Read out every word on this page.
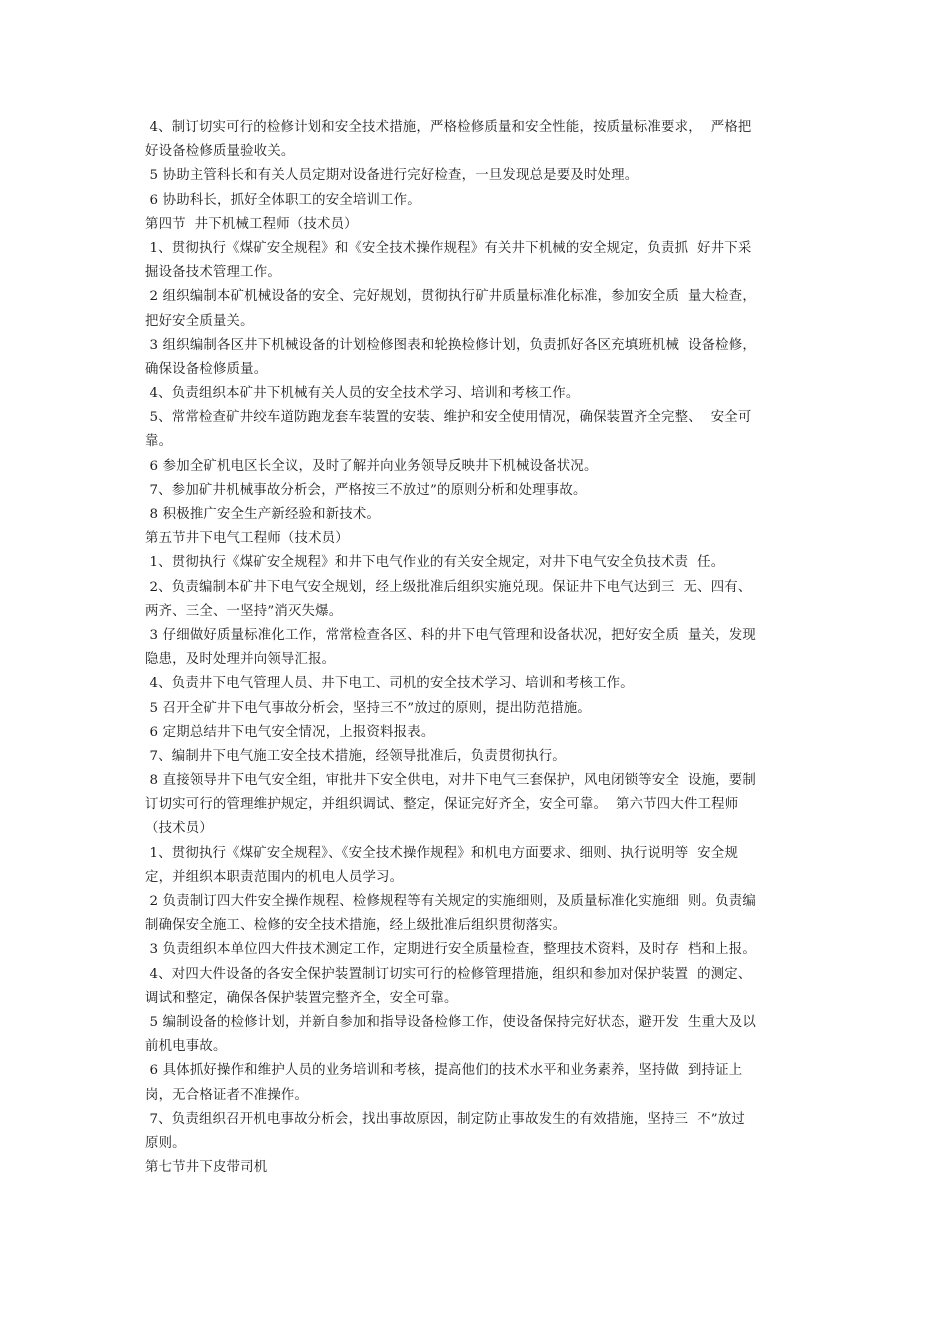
4、制订切实可行的检修计划和安全技术措施，严格检修质量和安全性能，按质量标准要求，  严格把
好设备检修质量验收关。
5 协助主管科长和有关人员定期对设备进行完好检查，一旦发现总是要及时处理。
6 协助科长，抓好全体职工的安全培训工作。
第四节  井下机械工程师（技术员）
1、贯彻执行《煤矿安全规程》和《安全技术操作规程》有关井下机械的安全规定，负责抓  好井下采
掘设备技术管理工作。
2 组织编制本矿机械设备的安全、完好规划，贯彻执行矿井质量标准化标准，参加安全质  量大检查，
把好安全质量关。
3 组织编制各区井下机械设备的计划检修图表和轮换检修计划，负责抓好各区充填班机械  设备检修，
确保设备检修质量。
4、负责组织本矿井下机械有关人员的安全技术学习、培训和考核工作。
5、常常检查矿井绞车道防跑龙套车装置的安装、维护和安全使用情况，确保装置齐全完整、  安全可
靠。
6 参加全矿机电区长全议，及时了解并向业务领导反映井下机械设备状况。
7、参加矿井机械事故分析会，严格按三不放过”的原则分析和处理事故。
8 积极推广安全生产新经验和新技术。
第五节井下电气工程师（技术员）
1、贯彻执行《煤矿安全规程》和井下电气作业的有关安全规定，对井下电气安全负技术责  任。
2、负责编制本矿井下电气安全规划，经上级批准后组织实施兑现。保证井下电气达到三  无、四有、
两齐、三全、一坚持”消灭失爆。
3 仔细做好质量标准化工作，常常检查各区、科的井下电气管理和设备状况，把好安全质  量关，发现
隐患，及时处理并向领导汇报。
4、负责井下电气管理人员、井下电工、司机的安全技术学习、培训和考核工作。
5 召开全矿井下电气事故分析会，坚持三不”放过的原则，提出防范措施。
6 定期总结井下电气安全情况，上报资料报表。
7、编制井下电气施工安全技术措施，经领导批准后，负责贯彻执行。
8 直接领导井下电气安全组，审批井下安全供电，对井下电气三套保护，风电闭锁等安全  设施，要制
订切实可行的管理维护规定，并组织调试、整定，保证完好齐全，安全可靠。  第六节四大件工程师
（技术员）
1、贯彻执行《煤矿安全规程》、《安全技术操作规程》和机电方面要求、细则、执行说明等  安全规
定，并组织本职责范围内的机电人员学习。
2 负责制订四大件安全操作规程、检修规程等有关规定的实施细则，及质量标准化实施细  则。负责编
制确保安全施工、检修的安全技术措施，经上级批准后组织贯彻落实。
3 负责组织本单位四大件技术测定工作，定期进行安全质量检查，整理技术资料，及时存  档和上报。
4、对四大件设备的各安全保护装置制订切实可行的检修管理措施，组织和参加对保护装置  的测定、
调试和整定，确保各保护装置完整齐全，安全可靠。
5 编制设备的检修计划，并新自参加和指导设备检修工作，使设备保持完好状态，避开发  生重大及以
前机电事故。
6 具体抓好操作和维护人员的业务培训和考核，提高他们的技术水平和业务素养，坚持做  到持证上
岗，无合格证者不准操作。
7、负责组织召开机电事故分析会，找出事故原因，制定防止事故发生的有效措施，坚持三  不”放过
原则。
第七节井下皮带司机
